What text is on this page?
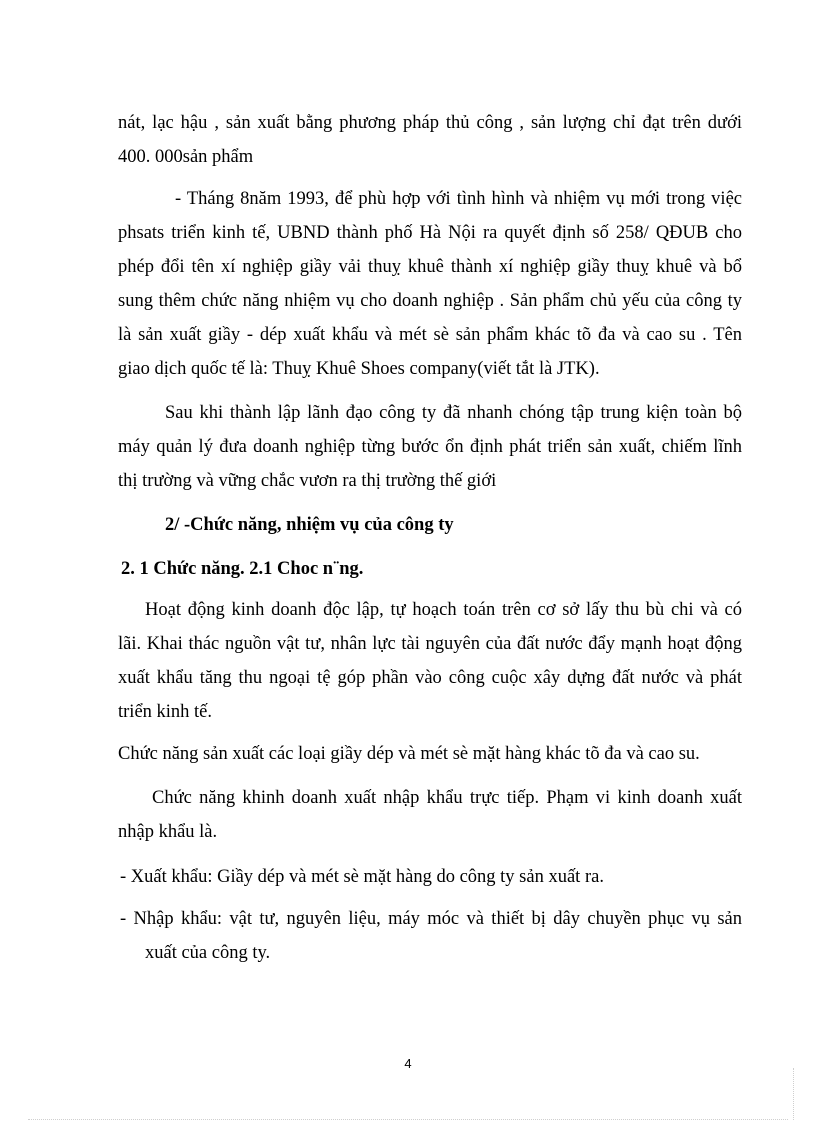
nát, lạc hậu , sản xuất bằng phương pháp thủ công , sản lượng chỉ đạt trên dưới
400. 000sản phẩm
- Tháng 8năm 1993, để phù hợp với tình hình và nhiệm vụ mới trong việc
phsats triển kinh tế, UBND thành phố Hà Nội ra quyết định số 258/ QĐUB cho
phép đổi tên xí nghiệp giầy vải thuỵ khuê thành xí nghiệp giầy thuỵ khuê và bổ
sung thêm chức năng nhiệm vụ cho doanh nghiệp . Sản phẩm chủ yếu của công ty
là sản xuất giầy - dép xuất khẩu và mét sè sản phẩm khác tõ đa và cao su . Tên
giao dịch quốc tế là: Thuỵ Khuê Shoes company(viết tắt là JTK).
Sau khi thành lập lãnh đạo công ty đã nhanh chóng tập trung kiện toàn bộ
máy quản lý đưa doanh nghiệp từng bước ổn định phát triển sản xuất, chiếm lĩnh
thị trường và vững chắc vươn ra thị trường thế giới
2/ -Chức năng, nhiệm vụ của công ty
2. 1 Chức năng. 2.1 Choc n¨ng.
Hoạt động kinh doanh độc lập, tự hoạch toán trên cơ sở lấy thu bù chi và có
lãi. Khai thác nguồn vật tư, nhân lực tài nguyên của đất nước đẩy mạnh hoạt động
xuất khẩu tăng thu ngoại tệ góp phần vào công cuộc xây dựng đất nước và phát
triển kinh tế.
Chức năng sản xuất các loại giầy dép và mét sè mặt hàng khác tõ đa và cao su.
Chức năng khinh doanh xuất nhập khẩu trực tiếp. Phạm vi kinh doanh xuất
nhập khẩu là.
- Xuất khẩu: Giầy dép và mét sè mặt hàng do công ty sản xuất ra.
- Nhập khẩu: vật tư, nguyên liệu, máy móc và thiết bị dây chuyền phục vụ sản
xuất của công ty.
4
